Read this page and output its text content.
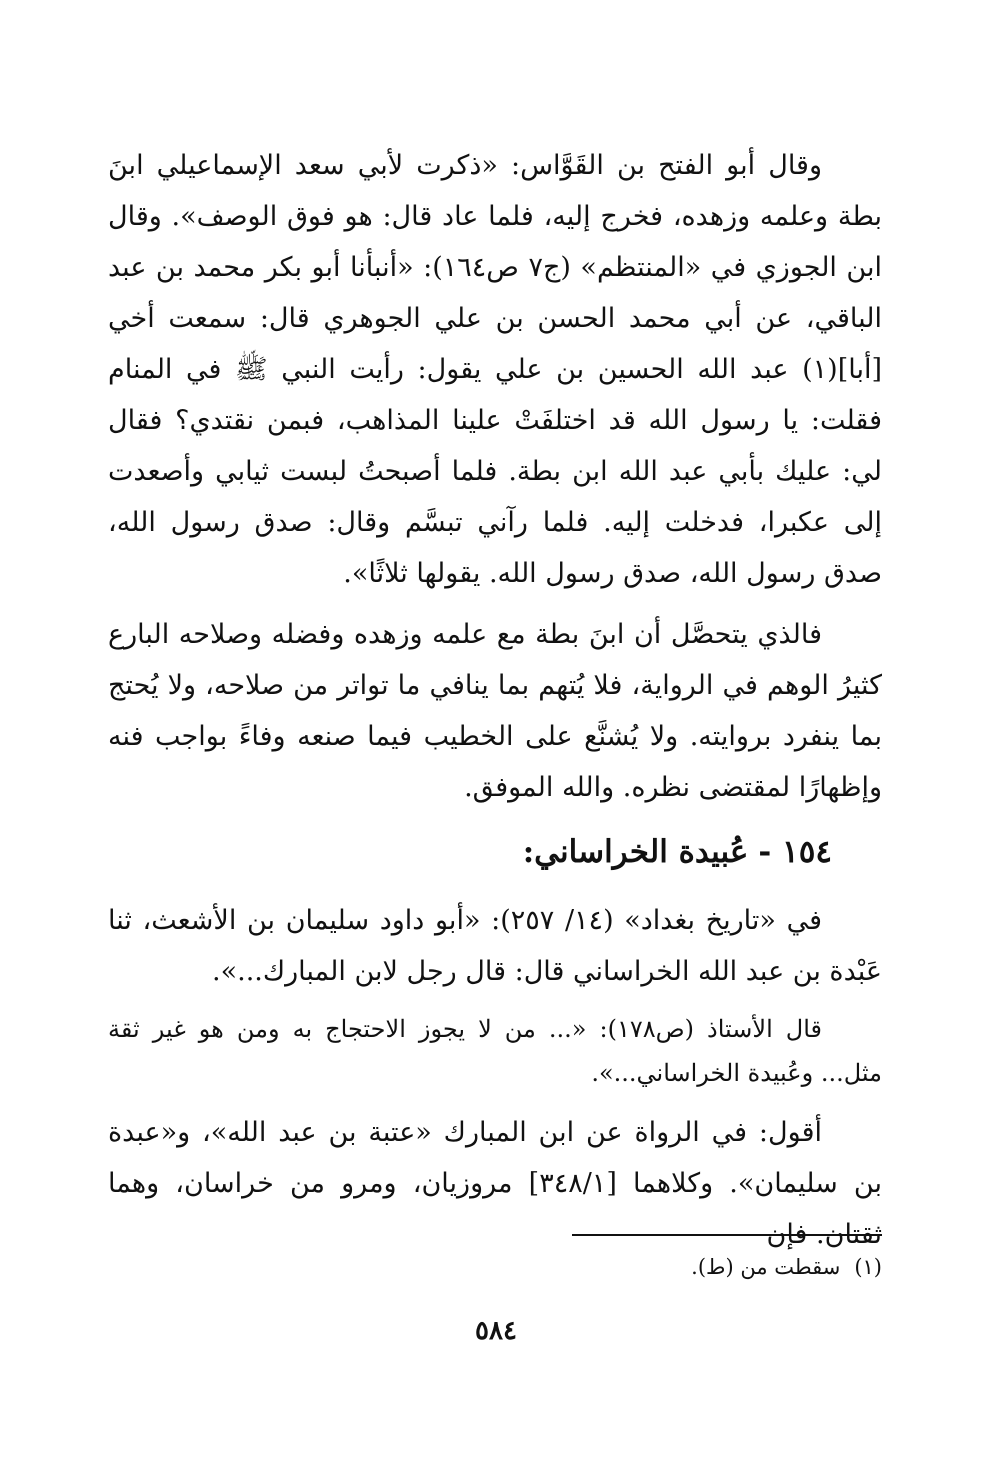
وقال أبو الفتح بن القَوَّاس: «ذكرت لأبي سعد الإسماعيلي ابنَ بطة وعلمه وزهده، فخرج إليه، فلما عاد قال: هو فوق الوصف». وقال ابن الجوزي في «المنتظم» (ج٧ ص١٦٤): «أنبأنا أبو بكر محمد بن عبد الباقي، عن أبي محمد الحسن بن علي الجوهري قال: سمعت أخي [أبا](١) عبد الله الحسين بن علي يقول: رأيت النبي ﷺ في المنام فقلت: يا رسول الله قد اختلفَتْ علينا المذاهب، فبمن نقتدي؟ فقال لي: عليك بأبي عبد الله ابن بطة. فلما أصبحتُ لبست ثيابي وأصعدت إلى عكبرا، فدخلت إليه. فلما رآني تبسَّم وقال: صدق رسول الله، صدق رسول الله، صدق رسول الله. يقولها ثلاثًا».

فالذي يتحصَّل أن ابنَ بطة مع علمه وزهده وفضله وصلاحه البارع كثيرُ الوهم في الرواية، فلا يُتهم بما ينافي ما تواتر من صلاحه، ولا يُحتج بما ينفرد بروايته. ولا يُشنَّع على الخطيب فيما صنعه وفاءً بواجب فنه وإظهارًا لمقتضى نظره. والله الموفق.

١٥٤ -عُبيدة الخراساني:

في «تاريخ بغداد» (١٤/ ٢٥٧): «أبو داود سليمان بن الأشعث، ثنا عَبْدة بن عبد الله الخراساني قال: قال رجل لابن المبارك...».

قال الأستاذ (ص١٧٨): «... من لا يجوز الاحتجاج به ومن هو غير ثقة مثل... وعُبيدة الخراساني...».

أقول: في الرواة عن ابن المبارك «عتبة بن عبد الله»، و«عبدة بن سليمان». وكلاهما [٣٤٨/١] مروزيان، ومرو من خراسان، وهما ثقتان. فإن

(١)سقطت من (ط).
٥٨٤
